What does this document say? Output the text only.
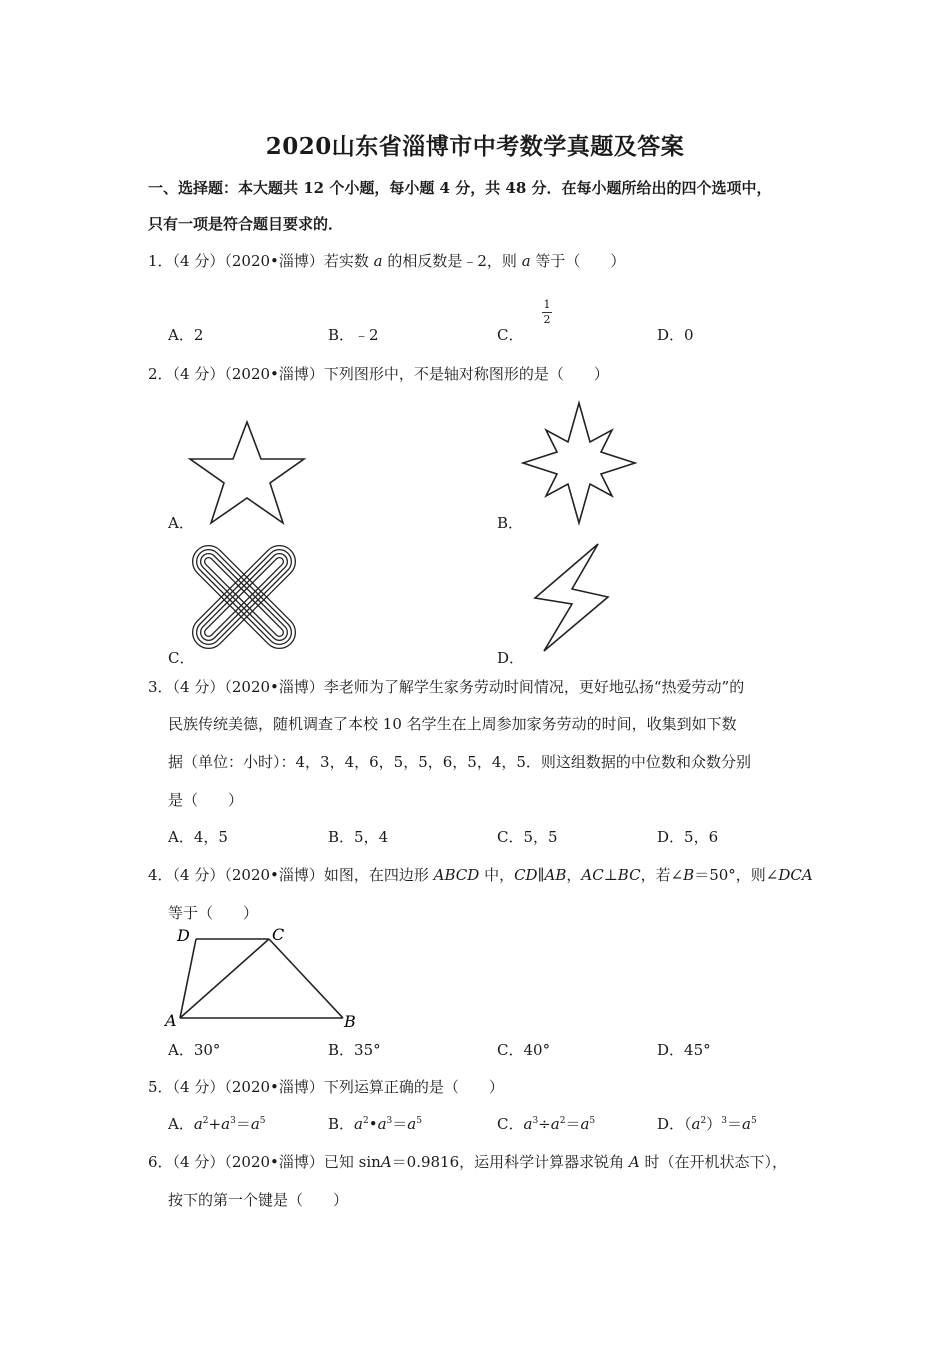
2020山东省淄博市中考数学真题及答案
一、选择题：本大题共 12 个小题，每小题 4 分，共 48 分．在每小题所给出的四个选项中，
只有一项是符合题目要求的．
1．（4 分）（2020•淄博）若实数 a 的相反数是﹣2，则 a 等于（　　）
A．2	B．﹣2	C．
1
2
D．0
2．（4 分）（2020•淄博）下列图形中，不是轴对称图形的是（　　）
A．	B．
C．	D．
3．（4 分）（2020•淄博）李老师为了解学生家务劳动时间情况，更好地弘扬“热爱劳动”的
民族传统美德，随机调查了本校 10 名学生在上周参加家务劳动的时间，收集到如下数
据（单位：小时）：4，3，4，6，5，5，6，5，4，5．则这组数据的中位数和众数分别
是（　　）
A．4，5	B．5，4	C．5，5	D．5，6
4．（4 分）（2020•淄博）如图，在四边形 ABCD 中，CD∥AB，AC⊥BC，若∠B＝50°，则∠DCA
等于（　　）
D	C
A	B
A．30°	B．35°	C．40°	D．45°
5．（4 分）（2020•淄博）下列运算正确的是（　　）
A．$a^2+a^3=a^5$	B．$a^2•a^3=a^5$	C．$a^3\div a^2=a^5$	D．$(a^2)^3=a^5$
6．（4 分）（2020•淄博）已知 sinA＝0.9816，运用科学计算器求锐角 A 时（在开机状态下），
按下的第一个键是（　　）
